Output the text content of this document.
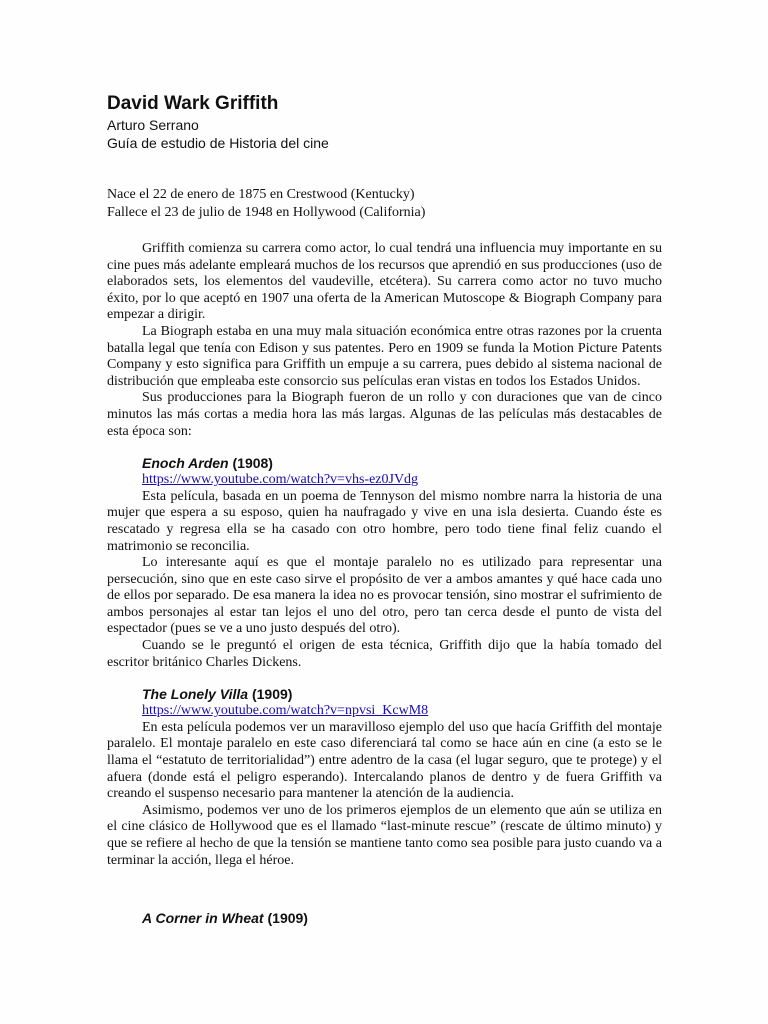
David Wark Griffith

Arturo Serrano

Guía de estudio de Historia del cine

Nace el 22 de enero de 1875 en Crestwood (Kentucky)

Fallece el 23 de julio de 1948 en Hollywood (California)

Griffith comienza su carrera como actor, lo cual tendrá una influencia muy importante en su cine pues más adelante empleará muchos de los recursos que aprendió en sus producciones (uso de elaborados sets, los elementos del vaudeville, etcétera). Su carrera como actor no tuvo mucho éxito, por lo que aceptó en 1907 una oferta de la American Mutoscope & Biograph Company para empezar a dirigir.

La Biograph estaba en una muy mala situación económica entre otras razones por la cruenta batalla legal que tenía con Edison y sus patentes. Pero en 1909 se funda la Motion Picture Patents Company y esto significa para Griffith un empuje a su carrera, pues debido al sistema nacional de distribución que empleaba este consorcio sus películas eran vistas en todos los Estados Unidos.

Sus producciones para la Biograph fueron de un rollo y con duraciones que van de cinco minutos las más cortas a media hora las más largas. Algunas de las películas más destacables de esta época son:

Enoch Arden (1908)
https://www.youtube.com/watch?v=vhs-ez0JVdg

Esta película, basada en un poema de Tennyson del mismo nombre narra la historia de una mujer que espera a su esposo, quien ha naufragado y vive en una isla desierta. Cuando éste es rescatado y regresa ella se ha casado con otro hombre, pero todo tiene final feliz cuando el matrimonio se reconcilia.

Lo interesante aquí es que el montaje paralelo no es utilizado para representar una persecución, sino que en este caso sirve el propósito de ver a ambos amantes y qué hace cada uno de ellos por separado. De esa manera la idea no es provocar tensión, sino mostrar el sufrimiento de ambos personajes al estar tan lejos el uno del otro, pero tan cerca desde el punto de vista del espectador (pues se ve a uno justo después del otro).

Cuando se le preguntó el origen de esta técnica, Griffith dijo que la había tomado del escritor británico Charles Dickens.

The Lonely Villa (1909)
https://www.youtube.com/watch?v=npvsi_KcwM8

En esta película podemos ver un maravilloso ejemplo del uso que hacía Griffith del montaje paralelo. El montaje paralelo en este caso diferenciará tal como se hace aún en cine (a esto se le llama el “estatuto de territorialidad”) entre adentro de la casa (el lugar seguro, que te protege) y el afuera (donde está el peligro esperando). Intercalando planos de dentro y de fuera Griffith va creando el suspenso necesario para mantener la atención de la audiencia.

Asimismo, podemos ver uno de los primeros ejemplos de un elemento que aún se utiliza en el cine clásico de Hollywood que es el llamado “last-minute rescue” (rescate de último minuto) y que se refiere al hecho de que la tensión se mantiene tanto como sea posible para justo cuando va a terminar la acción, llega el héroe.

A Corner in Wheat (1909)
